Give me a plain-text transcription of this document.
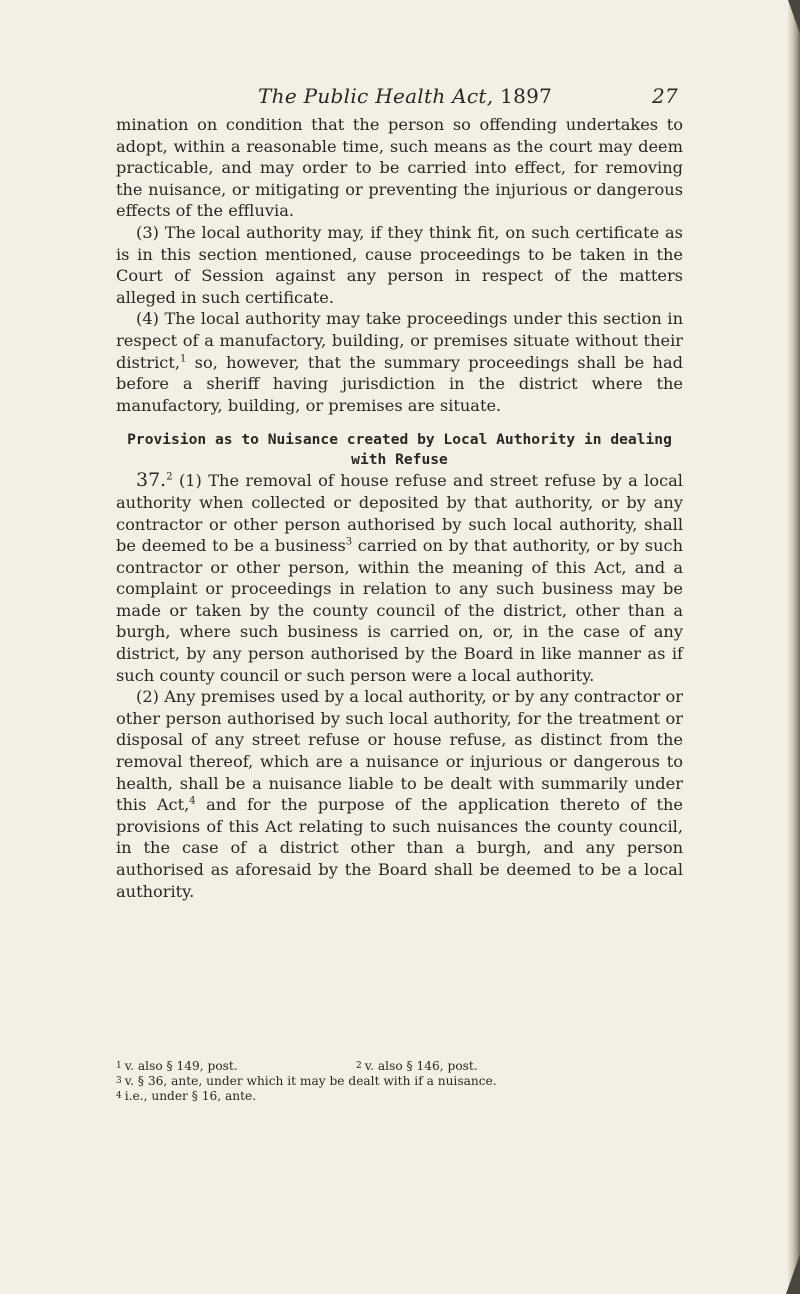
The Public Health Act, 1897	27

mination on condition that the person so offending undertakes to adopt, within a reasonable time, such means as the court may deem practicable, and may order to be carried into effect, for removing the nuisance, or mitigating or preventing the injurious or dangerous effects of the effluvia.

(3) The local authority may, if they think fit, on such certificate as is in this section mentioned, cause proceedings to be taken in the Court of Session against any person in respect of the matters alleged in such certificate.

(4) The local authority may take proceedings under this section in respect of a manufactory, building, or premises situate without their district,$^1$ so, however, that the summary proceedings shall be had before a sheriff having jurisdiction in the district where the manufactory, building, or premises are situate.

Provision as to Nuisance created by Local Authority in dealing with Refuse

37.$^2$ (1) The removal of house refuse and street refuse by a local authority when collected or deposited by that authority, or by any contractor or other person authorised by such local authority, shall be deemed to be a business$^3$ carried on by that authority, or by such contractor or other person, within the meaning of this Act, and a complaint or proceedings in relation to any such business may be made or taken by the county council of the district, other than a burgh, where such business is carried on, or, in the case of any district, by any person authorised by the Board in like manner as if such county council or such person were a local authority.

(2) Any premises used by a local authority, or by any contractor or other person authorised by such local authority, for the treatment or disposal of any street refuse or house refuse, as distinct from the removal thereof, which are a nuisance or injurious or dangerous to health, shall be a nuisance liable to be dealt with summarily under this Act,$^4$ and for the purpose of the application thereto of the provisions of this Act relating to such nuisances the county council, in the case of a district other than a burgh, and any person authorised as aforesaid by the Board shall be deemed to be a local authority.

$^1$ v. also § 149, post.	$^2$ v. also § 146, post.
$^3$ v. § 36, ante, under which it may be dealt with if a nuisance.
$^4$ i.e., under § 16, ante.
